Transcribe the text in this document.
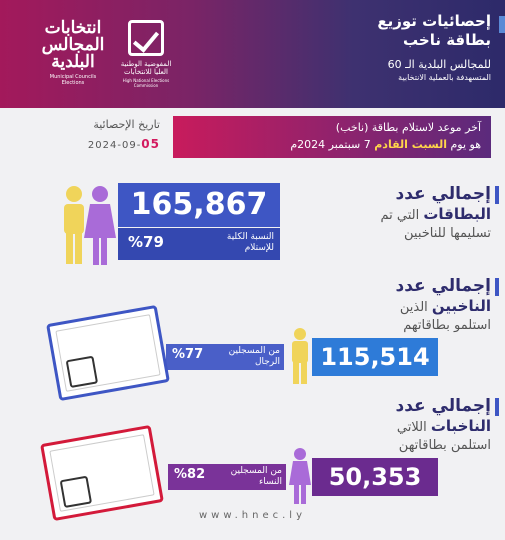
انتخابات المجالس البلدية
Municipal Councils Elections
المفوضية الوطنية العليا للانتخابات
High National Elections Commission
إحصائيات توزيع
بطاقة ناخب
للمجالس البلدية الـ 60
المتسهدفة بالعملية الانتخابية
تاريخ الإحصائية
2024-09-05
آخر موعد لاستلام بطاقة (ناخب)
هو يوم السبت القادم 7 سبتمبر 2024م
إجمالي عدد
البطاقات التي تم
تسليمها للناخبين
165,867
%79	النسبة الكلية للإستلام
إجمالي عدد
الناخبين الذين
استلمو بطاقاتهم
%77	من المسجلين الرجال	115,514
إجمالي عدد
الناخبات اللاتي
استلمن بطاقاتهن
%82	من المسجلين النساء	50,353
www.hnec.ly
